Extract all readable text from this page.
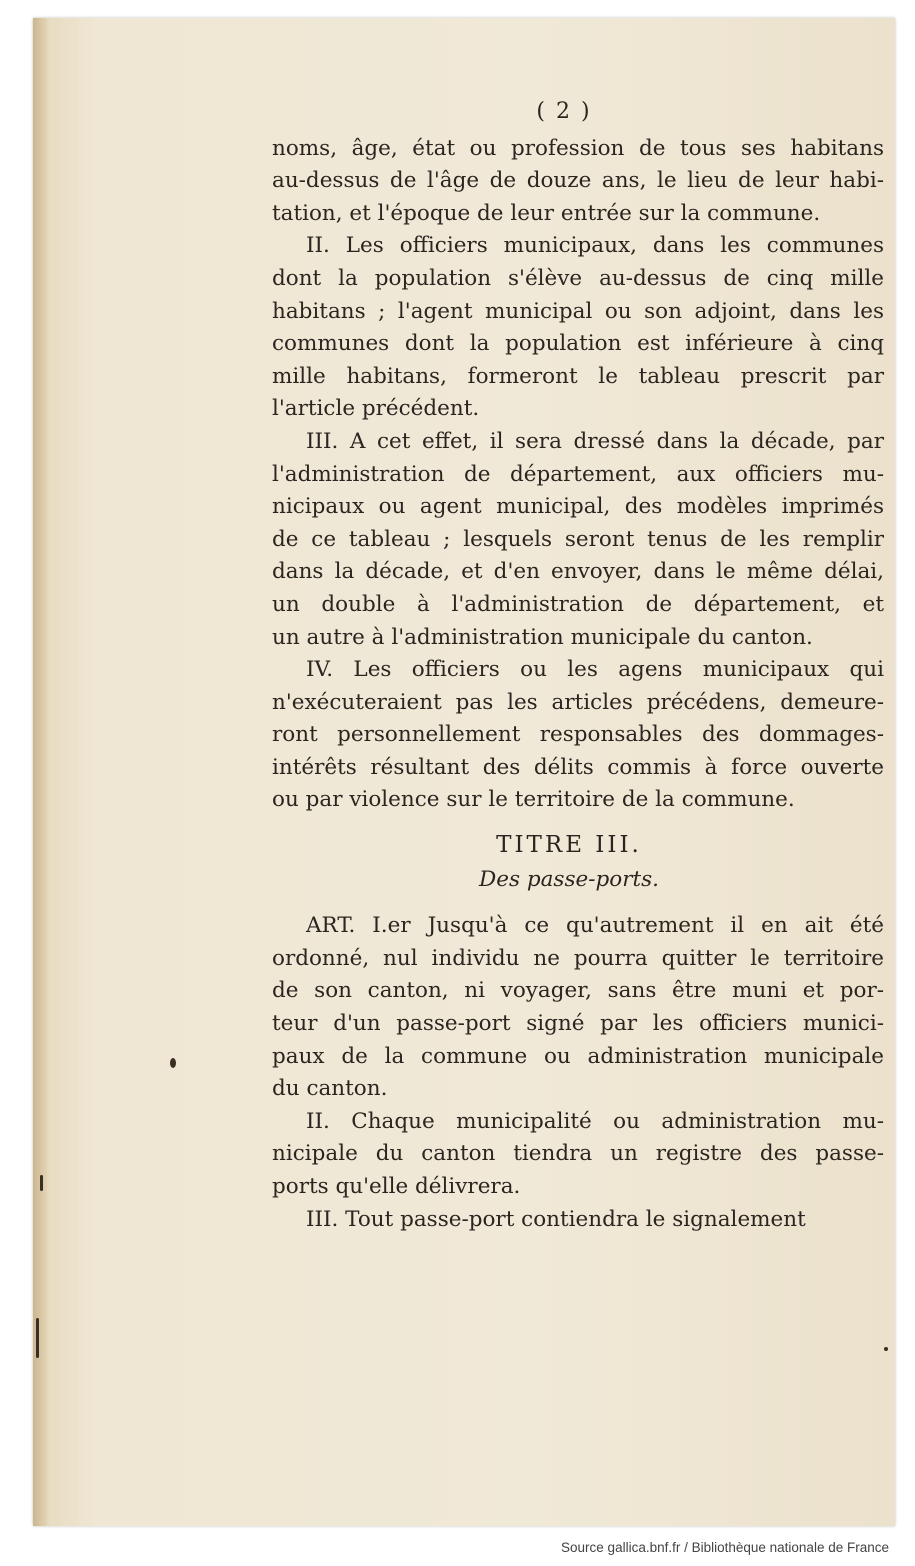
( 2 )

noms, âge, état ou profession de tous ses habitans
au-dessus de l'âge de douze ans, le lieu de leur habi-
tation, et l'époque de leur entrée sur la commune.

II. Les officiers municipaux, dans les communes
dont la population s'élève au-dessus de cinq mille
habitans ; l'agent municipal ou son adjoint, dans les
communes dont la population est inférieure à cinq
mille habitans, formeront le tableau prescrit par
l'article précédent.

III. A cet effet, il sera dressé dans la décade, par
l'administration de département, aux officiers mu-
nicipaux ou agent municipal, des modèles imprimés
de ce tableau ; lesquels seront tenus de les remplir
dans la décade, et d'en envoyer, dans le même délai,
un double à l'administration de département, et
un autre à l'administration municipale du canton.

IV. Les officiers ou les agens municipaux qui
n'exécuteraient pas les articles précédens, demeure-
ront personnellement responsables des dommages-
intérêts résultant des délits commis à force ouverte
ou par violence sur le territoire de la commune.

TITRE III.
Des passe-ports.

ART. I.er Jusqu'à ce qu'autrement il en ait été
ordonné, nul individu ne pourra quitter le territoire
de son canton, ni voyager, sans être muni et por-
teur d'un passe-port signé par les officiers munici-
paux de la commune ou administration municipale
du canton.

II. Chaque municipalité ou administration mu-
nicipale du canton tiendra un registre des passe-
ports qu'elle délivrera.

III. Tout passe-port contiendra le signalement

Source gallica.bnf.fr / Bibliothèque nationale de France
